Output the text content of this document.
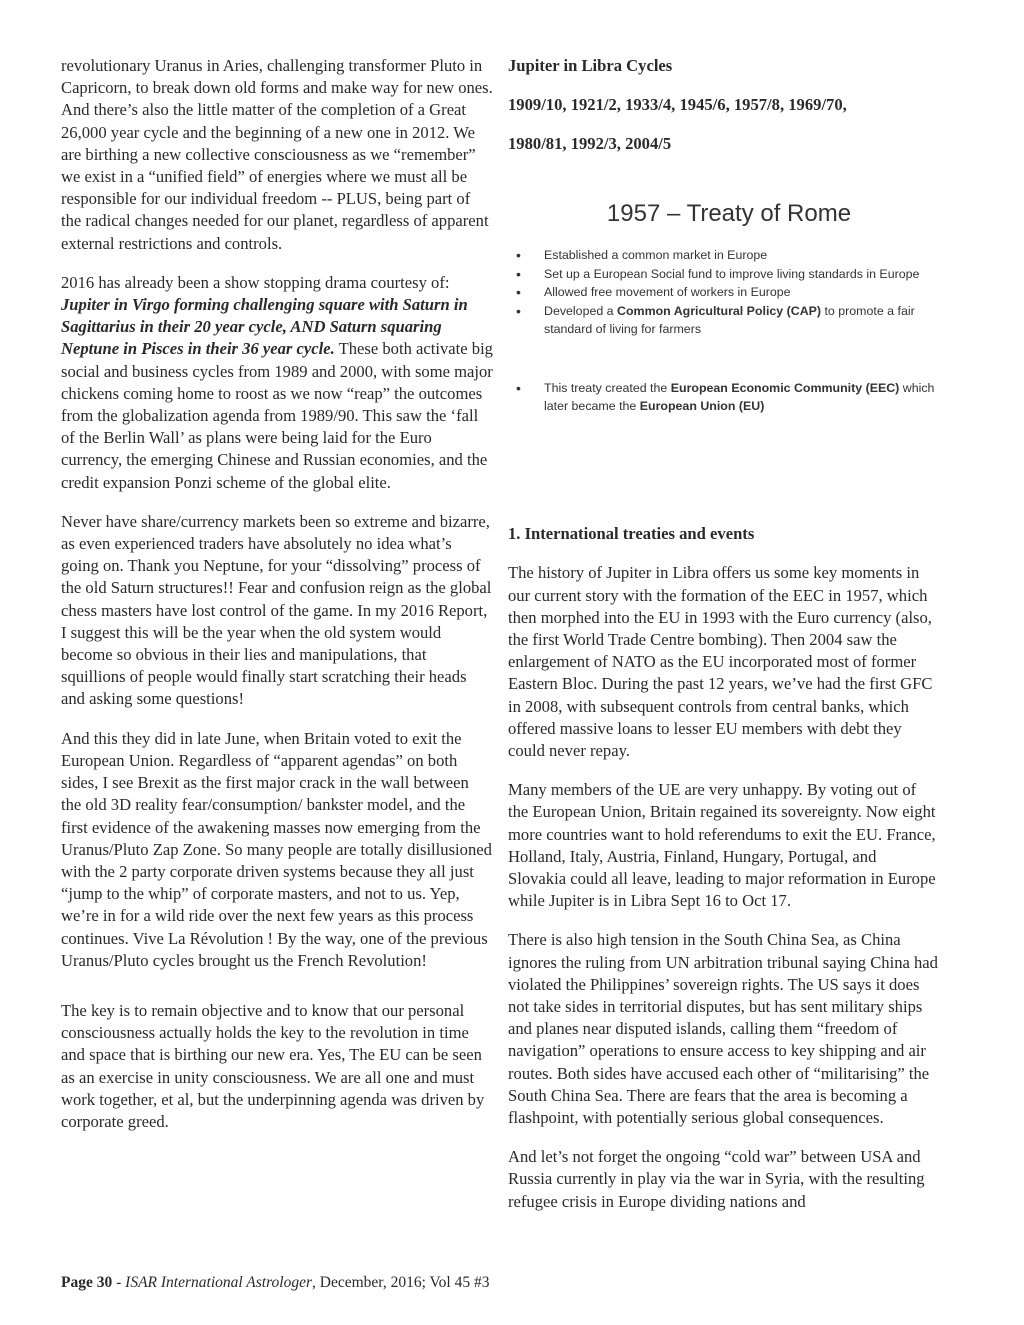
revolutionary Uranus in Aries, challenging transformer Pluto in Capricorn, to break down old forms and make way for new ones. And there’s also the little matter of the completion of a Great 26,000 year cycle and the beginning of a new one in 2012. We are birthing a new collective consciousness as we “remember” we exist in a “unified field” of energies where we must all be responsible for our individual freedom -- PLUS, being part of the radical changes needed for our planet, regardless of apparent external restrictions and controls.

2016 has already been a show stopping drama courtesy of: Jupiter in Virgo forming challenging square with Saturn in Sagittarius in their 20 year cycle, AND Saturn squaring Neptune in Pisces in their 36 year cycle. These both activate big social and business cycles from 1989 and 2000, with some major chickens coming home to roost as we now “reap” the outcomes from the globalization agenda from 1989/90. This saw the ‘fall of the Berlin Wall’ as plans were being laid for the Euro currency, the emerging Chinese and Russian economies, and the credit expansion Ponzi scheme of the global elite.

Never have share/currency markets been so extreme and bizarre, as even experienced traders have absolutely no idea what’s going on. Thank you Neptune, for your “dissolving” process of the old Saturn structures!! Fear and confusion reign as the global chess masters have lost control of the game. In my 2016 Report, I suggest this will be the year when the old system would become so obvious in their lies and manipulations, that squillions of people would finally start scratching their heads and asking some questions!

And this they did in late June, when Britain voted to exit the European Union. Regardless of “apparent agendas” on both sides, I see Brexit as the first major crack in the wall between the old 3D reality fear/consumption/ bankster model, and the first evidence of the awakening masses now emerging from the Uranus/Pluto Zap Zone. So many people are totally disillusioned with the 2 party corporate driven systems because they all just “jump to the whip” of corporate masters, and not to us. Yep, we’re in for a wild ride over the next few years as this process continues. Vive La Révolution ! By the way, one of the previous Uranus/Pluto cycles brought us the French Revolution!

The key is to remain objective and to know that our personal consciousness actually holds the key to the revolution in time and space that is birthing our new era. Yes, The EU can be seen as an exercise in unity consciousness. We are all one and must work together, et al, but the underpinning agenda was driven by corporate greed.

Jupiter in Libra Cycles

1909/10, 1921/2, 1933/4, 1945/6, 1957/8, 1969/70,

1980/81, 1992/3, 2004/5

1957 – Treaty of Rome
• Established a common market in Europe
• Set up a European Social fund to improve living standards in Europe
• Allowed free movement of workers in Europe
• Developed a Common Agricultural Policy (CAP) to promote a fair standard of living for farmers
• This treaty created the European Economic Community (EEC) which later became the European Union (EU)

1. International treaties and events

The history of Jupiter in Libra offers us some key moments in our current story with the formation of the EEC in 1957, which then morphed into the EU in 1993 with the Euro currency (also, the first World Trade Centre bombing). Then 2004 saw the enlargement of NATO as the EU incorporated most of former Eastern Bloc. During the past 12 years, we’ve had the first GFC in 2008, with subsequent controls from central banks, which offered massive loans to lesser EU members with debt they could never repay.

Many members of the UE are very unhappy. By voting out of the European Union, Britain regained its sovereignty. Now eight more countries want to hold referendums to exit the EU. France, Holland, Italy, Austria, Finland, Hungary, Portugal, and Slovakia could all leave, leading to major reformation in Europe while Jupiter is in Libra Sept 16 to Oct 17.

There is also high tension in the South China Sea, as China ignores the ruling from UN arbitration tribunal saying China had violated the Philippines’ sovereign rights. The US says it does not take sides in territorial disputes, but has sent military ships and planes near disputed islands, calling them “freedom of navigation” operations to ensure access to key shipping and air routes. Both sides have accused each other of “militarising” the South China Sea. There are fears that the area is becoming a flashpoint, with potentially serious global consequences.

And let’s not forget the ongoing “cold war” between USA and Russia currently in play via the war in Syria, with the resulting refugee crisis in Europe dividing nations and

Page 30 - ISAR International Astrologer, December, 2016; Vol 45 #3
